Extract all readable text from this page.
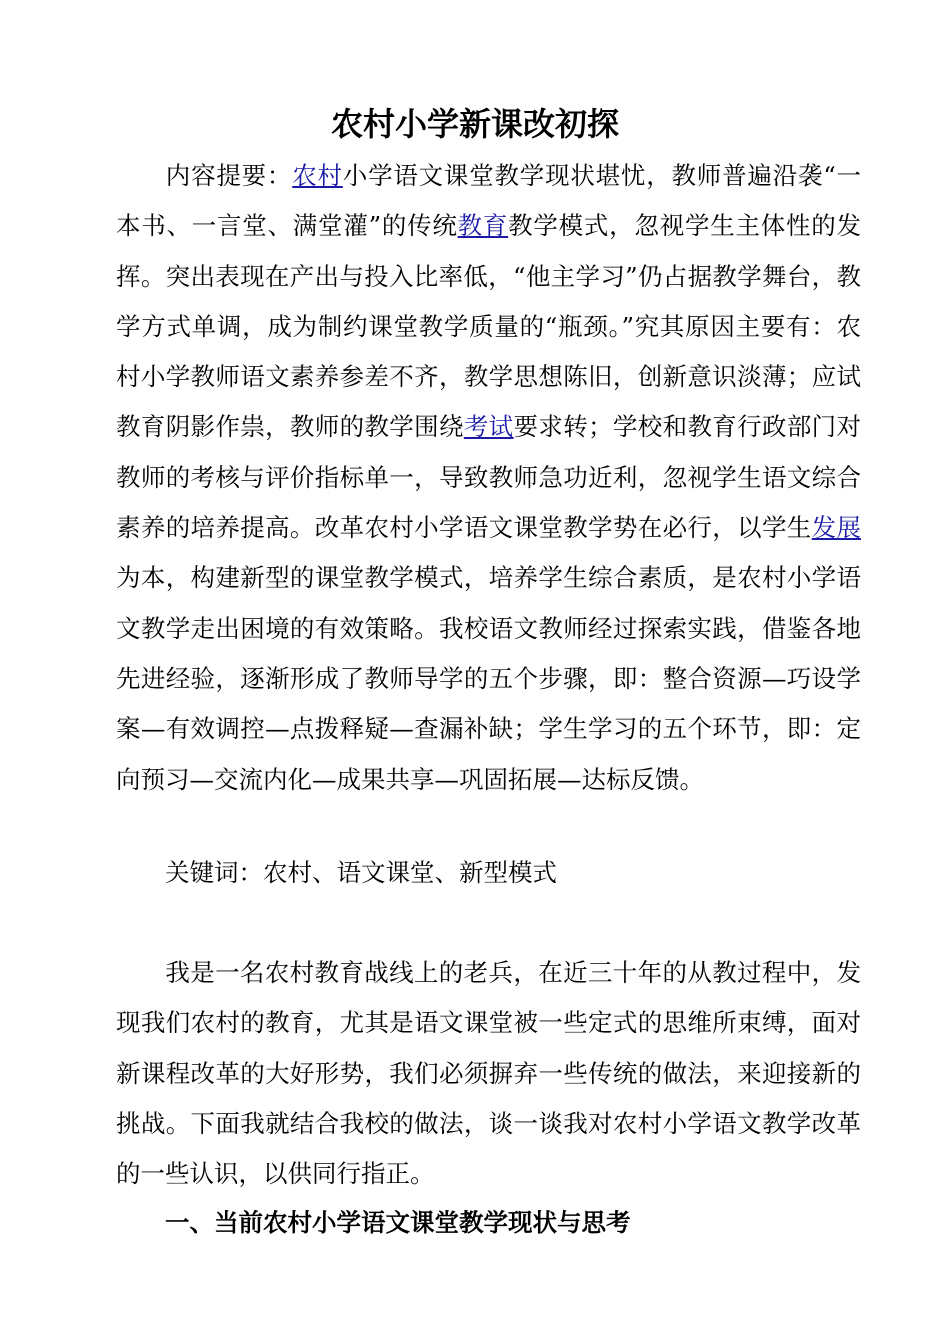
农村小学新课改初探

内容提要：农村小学语文课堂教学现状堪忧，教师普遍沿袭“一本书、一言堂、满堂灌”的传统教育教学模式，忽视学生主体性的发挥。突出表现在产出与投入比率低，“他主学习”仍占据教学舞台，教学方式单调，成为制约课堂教学质量的“瓶颈。”究其原因主要有：农村小学教师语文素养参差不齐，教学思想陈旧，创新意识淡薄；应试教育阴影作祟，教师的教学围绕考试要求转；学校和教育行政部门对教师的考核与评价指标单一，导致教师急功近利，忽视学生语文综合素养的培养提高。改革农村小学语文课堂教学势在必行，以学生发展为本，构建新型的课堂教学模式，培养学生综合素质，是农村小学语文教学走出困境的有效策略。我校语文教师经过探索实践，借鉴各地先进经验，逐渐形成了教师导学的五个步骤，即：整合资源—巧设学案—有效调控—点拨释疑—查漏补缺；学生学习的五个环节，即：定向预习—交流内化—成果共享—巩固拓展—达标反馈。

关键词：农村、语文课堂、新型模式

我是一名农村教育战线上的老兵，在近三十年的从教过程中，发现我们农村的教育，尤其是语文课堂被一些定式的思维所束缚，面对新课程改革的大好形势，我们必须摒弃一些传统的做法，来迎接新的挑战。下面我就结合我校的做法，谈一谈我对农村小学语文教学改革的一些认识，以供同行指正。

一、当前农村小学语文课堂教学现状与思考
